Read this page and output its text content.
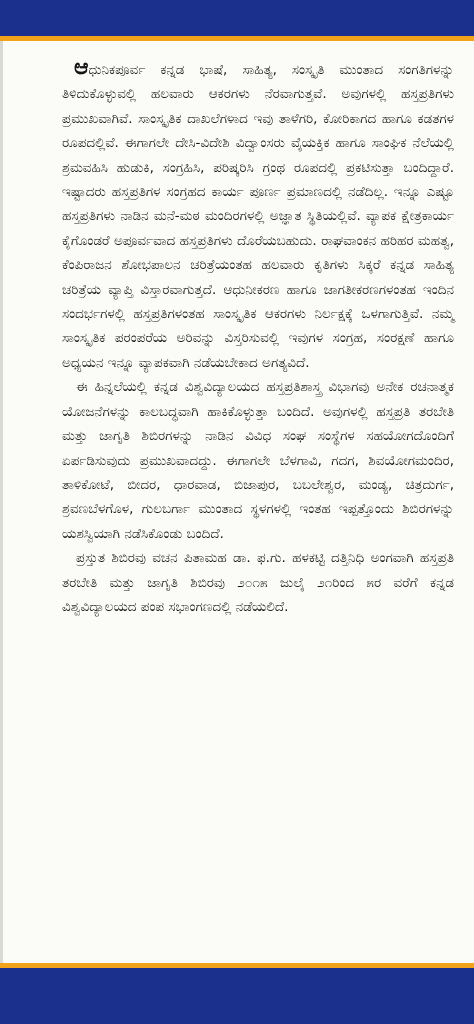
ಆಧುನಿಕಪೂರ್ವ ಕನ್ನಡ ಭಾಷೆ, ಸಾಹಿತ್ಯ, ಸಂಸ್ಕೃತಿ ಮುಂತಾದ ಸಂಗತಿಗಳನ್ನು ತಿಳಿದುಕೊಳ್ಳುವಲ್ಲಿ ಹಲವಾರು ಆಕರಗಳು ನೆರವಾಗುತ್ತವೆ. ಅವುಗಳಲ್ಲಿ ಹಸ್ತಪ್ರತಿಗಳು ಪ್ರಮುಖವಾಗಿವೆ. ಸಾಂಸ್ಕೃತಿಕ ದಾಖಲೆಗಳಾದ ಇವು ತಾಳೆಗರಿ, ಕೋರಿಕಾಗದ ಹಾಗೂ ಕಡತಗಳ ರೂಪದಲ್ಲಿವೆ. ಈಗಾಗಲೇ ದೇಸಿ-ವಿದೇಶಿ ವಿದ್ವಾಂಸರು ವೈಯಕ್ತಿಕ ಹಾಗೂ ಸಾಂಘಿಕ ನೆಲೆಯಲ್ಲಿ ಶ್ರಮವಹಿಸಿ ಹುಡುಕಿ, ಸಂಗ್ರಹಿಸಿ, ಪರಿಷ್ಕರಿಸಿ ಗ್ರಂಥ ರೂಪದಲ್ಲಿ ಪ್ರಕಟಿಸುತ್ತಾ ಬಂದಿದ್ದಾರೆ. ಇಷ್ಟಾದರು ಹಸ್ತಪ್ರತಿಗಳ ಸಂಗ್ರಹದ ಕಾರ್ಯ ಪೂರ್ಣ ಪ್ರಮಾಣದಲ್ಲಿ ನಡೆದಿಲ್ಲ. ಇನ್ನೂ ಎಷ್ಟೂ ಹಸ್ತಪ್ರತಿಗಳು ನಾಡಿನ ಮನೆ-ಮಠ ಮಂದಿರಗಳಲ್ಲಿ ಅಜ್ಞಾತ ಸ್ಥಿತಿಯಲ್ಲಿವೆ. ವ್ಯಾಪಕ ಕ್ಷೇತ್ರಕಾರ್ಯ ಕೈಗೊಂಡರೆ ಅಪೂರ್ವವಾದ ಹಸ್ತಪ್ರತಿಗಳು ದೊರೆಯಬಹುದು. ರಾಘವಾಂಕನ ಹರಿಹರ ಮಹತ್ವ, ಕೆಂಪಿರಾಜನ ಶೋಭಪಾಲನ ಚರಿತ್ರೆಯಂತಹ ಹಲವಾರು ಕೃತಿಗಳು ಸಿಕ್ಕರೆ ಕನ್ನಡ ಸಾಹಿತ್ಯ ಚರಿತ್ರೆಯ ವ್ಯಾಪ್ತಿ ವಿಸ್ತಾರವಾಗುತ್ತದೆ. ಆಧುನೀಕರಣ ಹಾಗೂ ಜಾಗತೀಕರಣಗಳಂತಹ ಇಂದಿನ ಸಂದರ್ಭಗಳಲ್ಲಿ ಹಸ್ತಪ್ರತಿಗಳಂತಹ ಸಾಂಸ್ಕೃತಿಕ ಆಕರಗಳು ನಿರ್ಲಕ್ಷಕ್ಕೆ ಒಳಗಾಗುತ್ತಿವೆ. ನಮ್ಮ ಸಾಂಸ್ಕೃತಿಕ ಪರಂಪರೆಯ ಅರಿವನ್ನು ವಿಸ್ತರಿಸುವಲ್ಲಿ ಇವುಗಳ ಸಂಗ್ರಹ, ಸಂರಕ್ಷಣೆ ಹಾಗೂ ಅಧ್ಯಯನ ಇನ್ನೂ ವ್ಯಾಪಕವಾಗಿ ನಡೆಯಬೇಕಾದ ಅಗತ್ಯವಿದೆ.

ಈ ಹಿನ್ನಲೆಯಲ್ಲಿ ಕನ್ನಡ ವಿಶ್ವವಿದ್ಯಾಲಯದ ಹಸ್ತಪ್ರತಿಶಾಸ್ತ್ರ ವಿಭಾಗವು ಅನೇಕ ರಚನಾತ್ಮಕ ಯೋಜನೆಗಳನ್ನು ಕಾಲಬದ್ಧವಾಗಿ ಹಾಕಿಕೊಳ್ಳುತ್ತಾ ಬಂದಿದೆ. ಅವುಗಳಲ್ಲಿ ಹಸ್ತಪ್ರತಿ ತರಬೇತಿ ಮತ್ತು ಜಾಗೃತಿ ಶಿಬಿರಗಳನ್ನು ನಾಡಿನ ವಿವಿಧ ಸಂಘ ಸಂಸ್ಥೆಗಳ ಸಹಯೋಗದೊಂದಿಗೆ ಏರ್ಪಡಿಸುವುದು ಪ್ರಮುಖವಾದದ್ದು. ಈಗಾಗಲೇ ಬೆಳಗಾವಿ, ಗದಗ, ಶಿವಯೋಗಮಂದಿರ, ತಾಳಿಕೋಟೆ, ಬೀದರ, ಧಾರವಾಡ, ಬಿಜಾಪುರ, ಬಬಲೇಶ್ವರ, ಮಂಡ್ಯ, ಚಿತ್ರದುರ್ಗ, ಶ್ರವಣಬೆಳಗೊಳ, ಗುಲಬರ್ಗಾ ಮುಂತಾದ ಸ್ಥಳಗಳಲ್ಲಿ ಇಂತಹ ಇಪ್ಪತ್ತೊಂದು ಶಿಬಿರಗಳನ್ನು ಯಶಸ್ವಿಯಾಗಿ ನಡೆಸಿಕೊಂಡು ಬಂದಿದೆ.

ಪ್ರಸ್ತುತ ಶಿಬಿರವು ವಚನ ಪಿತಾಮಹ ಡಾ. ಫ.ಗು. ಹಳಕಟ್ಟಿ ದತ್ತಿನಿಧಿ ಅಂಗವಾಗಿ ಹಸ್ತಪ್ರತಿ ತರಬೇತಿ ಮತ್ತು ಜಾಗೃತಿ ಶಿಬಿರವು ೨೦೧೫ ಜುಲೈ ೨೧ರಿಂದ ೫ರ ವರೆಗೆ ಕನ್ನಡ ವಿಶ್ವವಿದ್ಯಾಲಯದ ಪಂಪ ಸಭಾಂಗಣದಲ್ಲಿ ನಡೆಯಲಿದೆ.
